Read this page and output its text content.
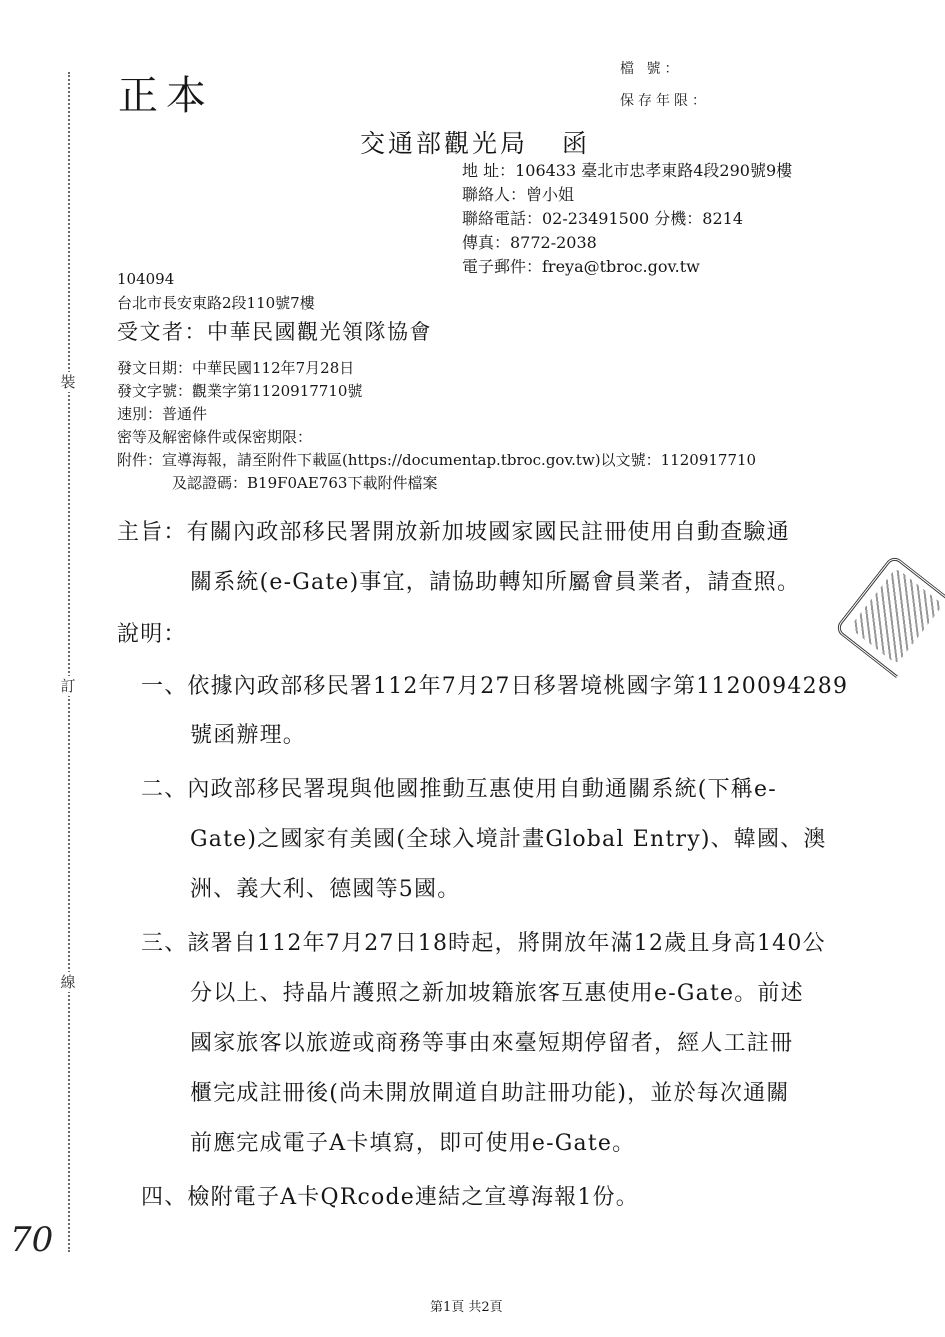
裝
訂
線
正本
檔 號：
保存年限：
交通部觀光局 函
地 址：106433 臺北市忠孝東路4段290號9樓
聯絡人：曾小姐
聯絡電話：02-23491500 分機：8214
傳真：8772-2038
電子郵件：freya@tbroc.gov.tw
104094
台北市長安東路2段110號7樓
受文者：中華民國觀光領隊協會
發文日期：中華民國112年7月28日
發文字號：觀業字第1120917710號
速別：普通件
密等及解密條件或保密期限：
附件：宣導海報，請至附件下載區(https://documentap.tbroc.gov.tw)以文號：1120917710
及認證碼：B19F0AE763下載附件檔案
主旨：有關內政部移民署開放新加坡國家國民註冊使用自動查驗通
關系統(e-Gate)事宜，請協助轉知所屬會員業者，請查照。
說明：
一、依據內政部移民署112年7月27日移署境桃國字第1120094289
號函辦理。
二、內政部移民署現與他國推動互惠使用自動通關系統(下稱e-
Gate)之國家有美國(全球入境計畫Global Entry)、韓國、澳
洲、義大利、德國等5國。
三、該署自112年7月27日18時起，將開放年滿12歲且身高140公
分以上、持晶片護照之新加坡籍旅客互惠使用e-Gate。前述
國家旅客以旅遊或商務等事由來臺短期停留者，經人工註冊
櫃完成註冊後(尚未開放閘道自助註冊功能)，並於每次通關
前應完成電子A卡填寫，即可使用e-Gate。
四、檢附電子A卡QRcode連結之宣導海報1份。
70
第1頁 共2頁
